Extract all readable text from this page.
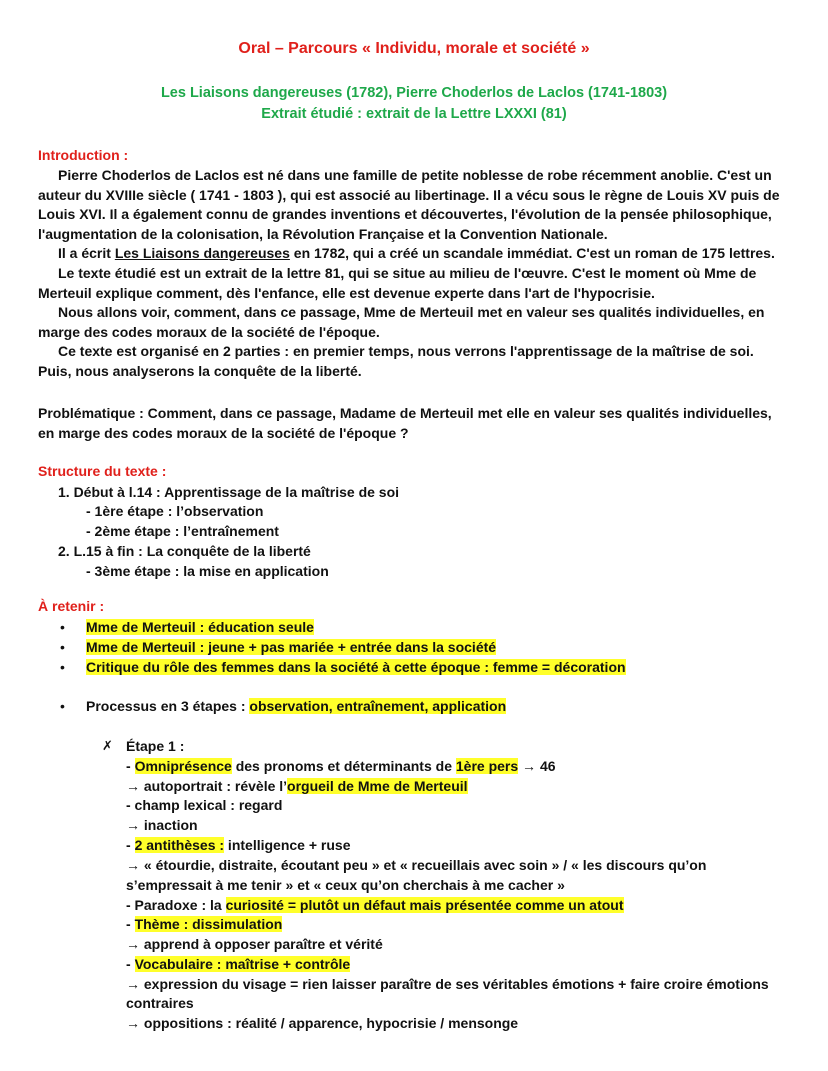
Oral – Parcours « Individu, morale et société »
Les Liaisons dangereuses (1782), Pierre Choderlos de Laclos (1741-1803)
Extrait étudié : extrait de la Lettre LXXXI (81)
Introduction :

Pierre Choderlos de Laclos est né dans une famille de petite noblesse de robe récemment anoblie. C'est un auteur du XVIIIe siècle ( 1741 - 1803 ), qui est associé au libertinage. Il a vécu sous le règne de Louis XV puis de Louis XVI. Il a également connu de grandes inventions et découvertes, l'évolution de la pensée philosophique, l'augmentation de la colonisation, la Révolution Française et la Convention Nationale.

Il a écrit Les Liaisons dangereuses en 1782, qui a créé un scandale immédiat. C'est un roman de 175 lettres.

Le texte étudié est un extrait de la lettre 81, qui se situe au milieu de l'œuvre. C'est le moment où Mme de Merteuil explique comment, dès l'enfance, elle est devenue experte dans l'art de l'hypocrisie.

Nous allons voir, comment, dans ce passage, Mme de Merteuil met en valeur ses qualités individuelles, en marge des codes moraux de la société de l'époque.

Ce texte est organisé en 2 parties : en premier temps, nous verrons l'apprentissage de la maîtrise de soi. Puis, nous analyserons la conquête de la liberté.

Problématique : Comment, dans ce passage, Madame de Merteuil met elle en valeur ses qualités individuelles, en marge des codes moraux de la société de l'époque ?
Structure du texte :
1. Début à l.14 : Apprentissage de la maîtrise de soi
- 1ère étape : l’observation
- 2ème étape : l’entraînement
2. L.15 à fin : La conquête de la liberté
- 3ème étape : la mise en application
À retenir :
• Mme de Merteuil : éducation seule
• Mme de Merteuil : jeune + pas mariée + entrée dans la société
• Critique du rôle des femmes dans la société à cette époque : femme = décoration
• Processus en 3 étapes : observation, entraînement, application
✗ Étape 1 :
- Omniprésence des pronoms et déterminants de 1ère pers → 46
→ autoportrait : révèle l’orgueil de Mme de Merteuil
- champ lexical : regard
→ inaction
- 2 antithèses : intelligence + ruse
→ « étourdie, distraite, écoutant peu » et « recueillais avec soin » / « les discours qu’on
s’empressait à me tenir » et « ceux qu’on cherchais à me cacher »
- Paradoxe : la curiosité = plutôt un défaut mais présentée comme un atout
- Thème : dissimulation
→ apprend à opposer paraître et vérité
- Vocabulaire : maîtrise + contrôle
→ expression du visage = rien laisser paraître de ses véritables émotions + faire croire émotions
contraires
→ oppositions : réalité / apparence, hypocrisie / mensonge
